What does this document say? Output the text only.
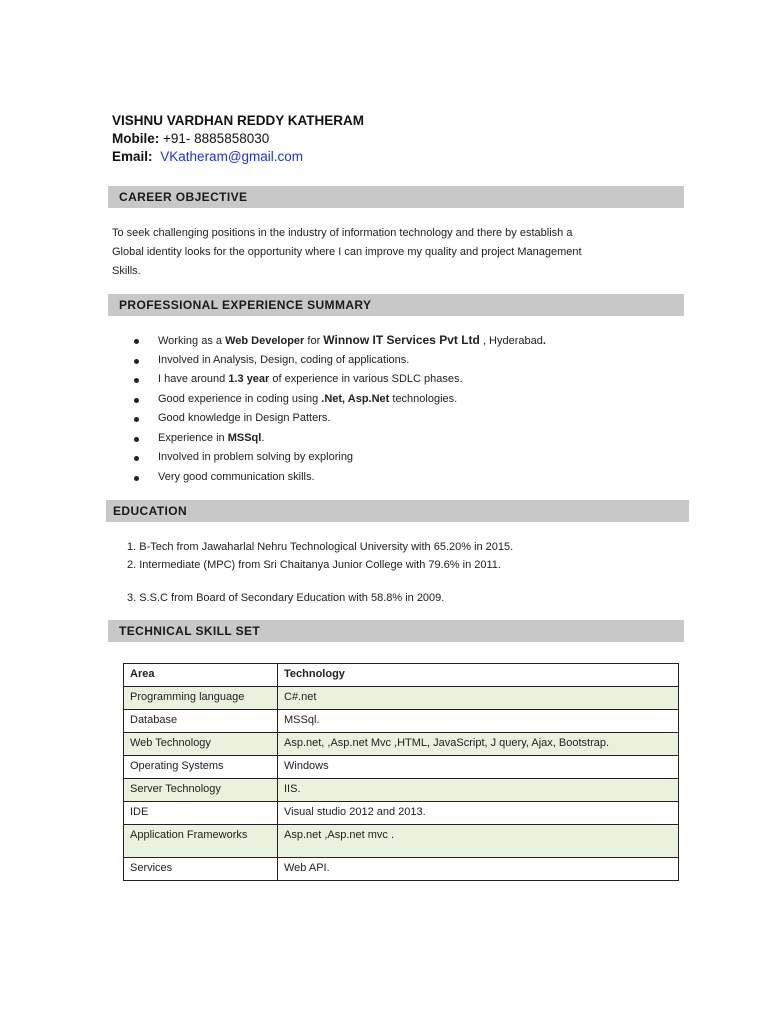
VISHNU VARDHAN REDDY KATHERAM
Mobile: +91- 8885858030
Email: VKatheram@gmail.com
CAREER OBJECTIVE
To seek challenging positions in the industry of information technology and there by establish a
Global identity looks for the opportunity where I can improve my quality and project Management
Skills.
PROFESSIONAL EXPERIENCE SUMMARY
Working as a Web Developer for Winnow IT Services Pvt Ltd , Hyderabad.
Involved in Analysis, Design, coding of applications.
I have around 1.3 year of experience in various SDLC phases.
Good experience in coding using .Net, Asp.Net technologies.
Good knowledge in Design Patters.
Experience in MSSql.
Involved in problem solving by exploring
Very good communication skills.
EDUCATION
1. B-Tech from Jawaharlal Nehru Technological University with 65.20% in 2015.
2. Intermediate (MPC) from Sri Chaitanya Junior College with 79.6% in 2011.
3. S.S.C from Board of Secondary Education with 58.8% in 2009.
TECHNICAL SKILL SET
Area	Technology
Programming language	C#.net
Database	MSSql.
Web Technology	Asp.net, ,Asp.net Mvc ,HTML, JavaScript, J query, Ajax, Bootstrap.
Operating Systems	Windows
Server Technology	IIS.
IDE	Visual studio 2012 and 2013.
Application Frameworks	Asp.net ,Asp.net mvc .
Services	Web API.
